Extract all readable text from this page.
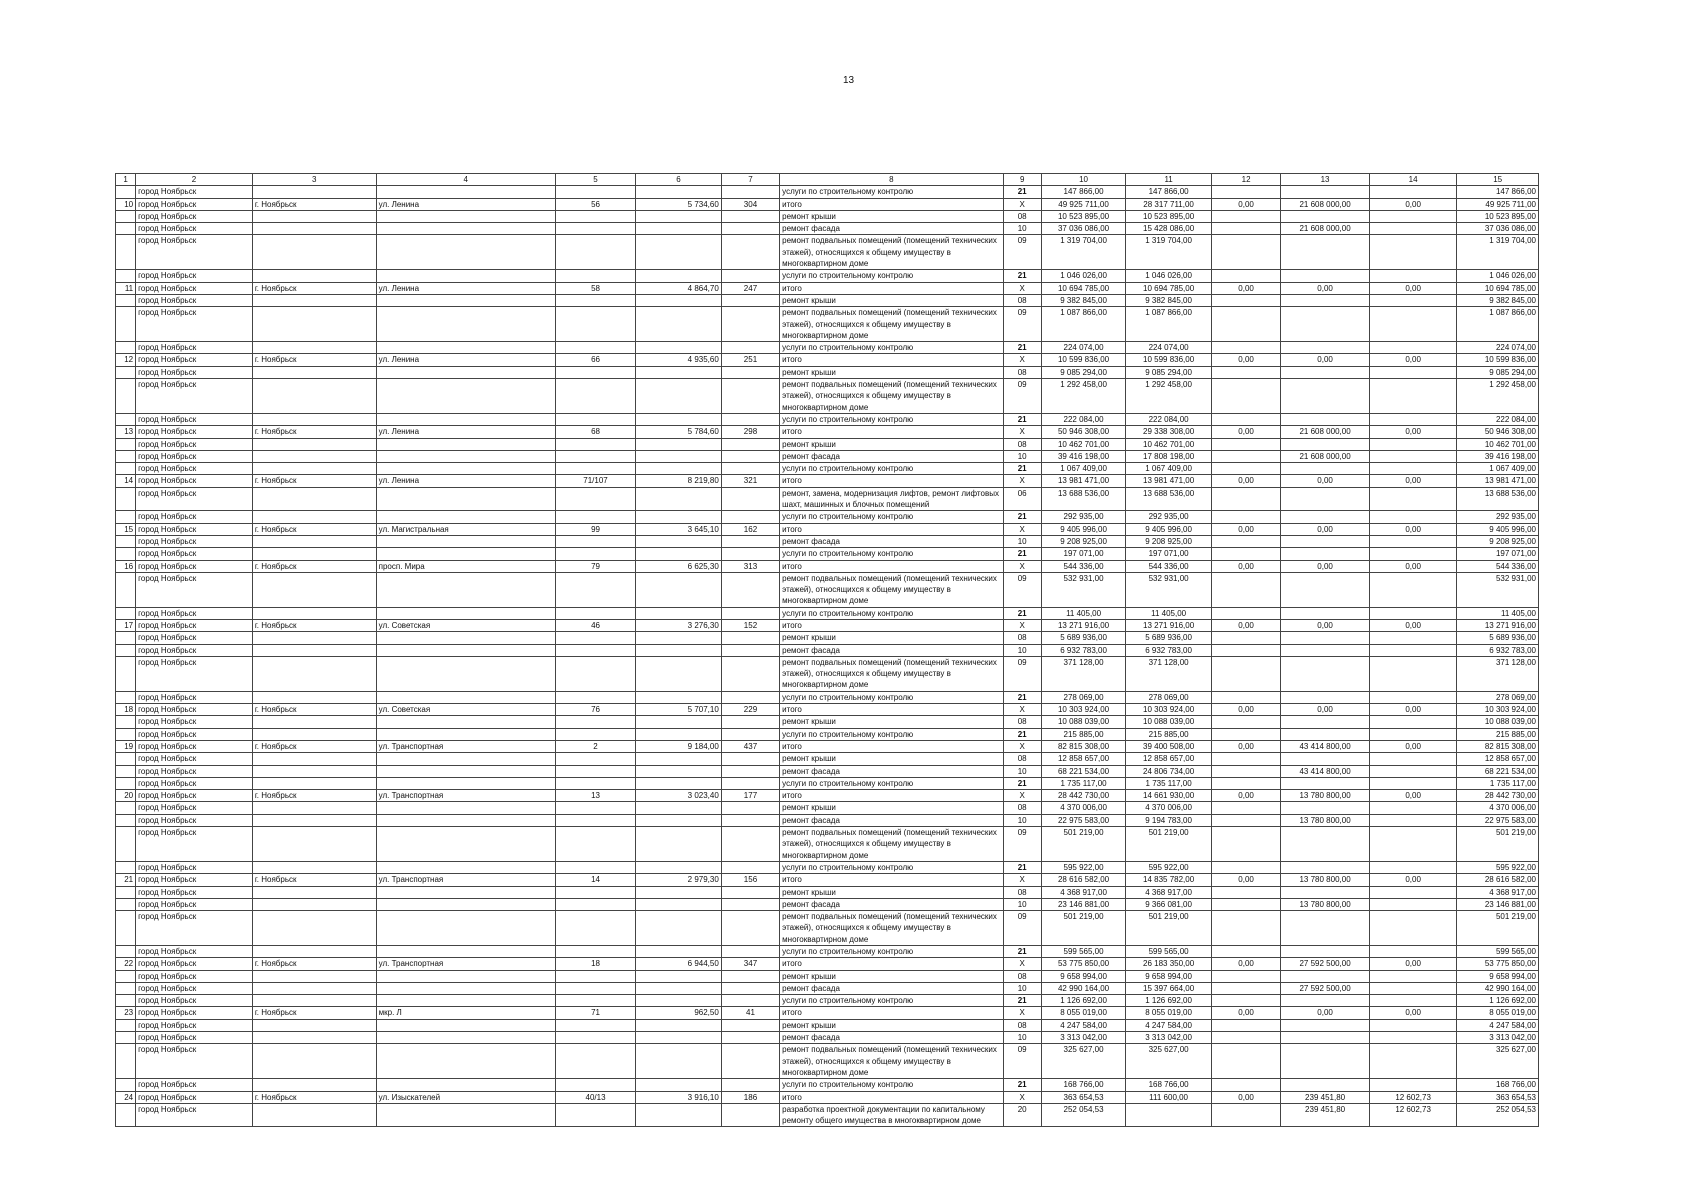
13
1	2	3	4	5	6	7	8	9	10	11	12	13	14	15
	город Ноябрьск						услуги по строительному контролю	21	147 866,00	147 866,00				147 866,00
10	город Ноябрьск	г. Ноябрьск	ул. Ленина	56	5 734,60	304	итого	X	49 925 711,00	28 317 711,00	0,00	21 608 000,00	0,00	49 925 711,00
	город Ноябрьск						ремонт крыши	08	10 523 895,00	10 523 895,00				10 523 895,00
	город Ноябрьск						ремонт фасада	10	37 036 086,00	15 428 086,00		21 608 000,00		37 036 086,00
	город Ноябрьск						ремонт подвальных помещений (помещений технических этажей), относящихся к общему имуществу в многоквартирном доме	09	1 319 704,00	1 319 704,00				1 319 704,00
	город Ноябрьск						услуги по строительному контролю	21	1 046 026,00	1 046 026,00				1 046 026,00
11	город Ноябрьск	г. Ноябрьск	ул. Ленина	58	4 864,70	247	итого	X	10 694 785,00	10 694 785,00	0,00	0,00	0,00	10 694 785,00
	город Ноябрьск						ремонт крыши	08	9 382 845,00	9 382 845,00				9 382 845,00
	город Ноябрьск						ремонт подвальных помещений (помещений технических этажей), относящихся к общему имуществу в многоквартирном доме	09	1 087 866,00	1 087 866,00				1 087 866,00
	город Ноябрьск						услуги по строительному контролю	21	224 074,00	224 074,00				224 074,00
12	город Ноябрьск	г. Ноябрьск	ул. Ленина	66	4 935,60	251	итого	X	10 599 836,00	10 599 836,00	0,00	0,00	0,00	10 599 836,00
	город Ноябрьск						ремонт крыши	08	9 085 294,00	9 085 294,00				9 085 294,00
	город Ноябрьск						ремонт подвальных помещений (помещений технических этажей), относящихся к общему имуществу в многоквартирном доме	09	1 292 458,00	1 292 458,00				1 292 458,00
	город Ноябрьск						услуги по строительному контролю	21	222 084,00	222 084,00				222 084,00
13	город Ноябрьск	г. Ноябрьск	ул. Ленина	68	5 784,60	298	итого	X	50 946 308,00	29 338 308,00	0,00	21 608 000,00	0,00	50 946 308,00
	город Ноябрьск						ремонт крыши	08	10 462 701,00	10 462 701,00				10 462 701,00
	город Ноябрьск						ремонт фасада	10	39 416 198,00	17 808 198,00		21 608 000,00		39 416 198,00
	город Ноябрьск						услуги по строительному контролю	21	1 067 409,00	1 067 409,00				1 067 409,00
14	город Ноябрьск	г. Ноябрьск	ул. Ленина	71/107	8 219,80	321	итого	X	13 981 471,00	13 981 471,00	0,00	0,00	0,00	13 981 471,00
	город Ноябрьск						ремонт, замена, модернизация лифтов, ремонт лифтовых шахт, машинных и блочных помещений	06	13 688 536,00	13 688 536,00				13 688 536,00
	город Ноябрьск						услуги по строительному контролю	21	292 935,00	292 935,00				292 935,00
15	город Ноябрьск	г. Ноябрьск	ул. Магистральная	99	3 645,10	162	итого	X	9 405 996,00	9 405 996,00	0,00	0,00	0,00	9 405 996,00
	город Ноябрьск						ремонт фасада	10	9 208 925,00	9 208 925,00				9 208 925,00
	город Ноябрьск						услуги по строительному контролю	21	197 071,00	197 071,00				197 071,00
16	город Ноябрьск	г. Ноябрьск	просп. Мира	79	6 625,30	313	итого	X	544 336,00	544 336,00	0,00	0,00	0,00	544 336,00
	город Ноябрьск						ремонт подвальных помещений (помещений технических этажей), относящихся к общему имуществу в многоквартирном доме	09	532 931,00	532 931,00				532 931,00
	город Ноябрьск						услуги по строительному контролю	21	11 405,00	11 405,00				11 405,00
17	город Ноябрьск	г. Ноябрьск	ул. Советская	46	3 276,30	152	итого	X	13 271 916,00	13 271 916,00	0,00	0,00	0,00	13 271 916,00
	город Ноябрьск						ремонт крыши	08	5 689 936,00	5 689 936,00				5 689 936,00
	город Ноябрьск						ремонт фасада	10	6 932 783,00	6 932 783,00				6 932 783,00
	город Ноябрьск						ремонт подвальных помещений (помещений технических этажей), относящихся к общему имуществу в многоквартирном доме	09	371 128,00	371 128,00				371 128,00
	город Ноябрьск						услуги по строительному контролю	21	278 069,00	278 069,00				278 069,00
18	город Ноябрьск	г. Ноябрьск	ул. Советская	76	5 707,10	229	итого	X	10 303 924,00	10 303 924,00	0,00	0,00	0,00	10 303 924,00
	город Ноябрьск						ремонт крыши	08	10 088 039,00	10 088 039,00				10 088 039,00
	город Ноябрьск						услуги по строительному контролю	21	215 885,00	215 885,00				215 885,00
19	город Ноябрьск	г. Ноябрьск	ул. Транспортная	2	9 184,00	437	итого	X	82 815 308,00	39 400 508,00	0,00	43 414 800,00	0,00	82 815 308,00
	город Ноябрьск						ремонт крыши	08	12 858 657,00	12 858 657,00				12 858 657,00
	город Ноябрьск						ремонт фасада	10	68 221 534,00	24 806 734,00		43 414 800,00		68 221 534,00
	город Ноябрьск						услуги по строительному контролю	21	1 735 117,00	1 735 117,00				1 735 117,00
20	город Ноябрьск	г. Ноябрьск	ул. Транспортная	13	3 023,40	177	итого	X	28 442 730,00	14 661 930,00	0,00	13 780 800,00	0,00	28 442 730,00
	город Ноябрьск						ремонт крыши	08	4 370 006,00	4 370 006,00				4 370 006,00
	город Ноябрьск						ремонт фасада	10	22 975 583,00	9 194 783,00		13 780 800,00		22 975 583,00
	город Ноябрьск						ремонт подвальных помещений (помещений технических этажей), относящихся к общему имуществу в многоквартирном доме	09	501 219,00	501 219,00				501 219,00
	город Ноябрьск						услуги по строительному контролю	21	595 922,00	595 922,00				595 922,00
21	город Ноябрьск	г. Ноябрьск	ул. Транспортная	14	2 979,30	156	итого	X	28 616 582,00	14 835 782,00	0,00	13 780 800,00	0,00	28 616 582,00
	город Ноябрьск						ремонт крыши	08	4 368 917,00	4 368 917,00				4 368 917,00
	город Ноябрьск						ремонт фасада	10	23 146 881,00	9 366 081,00		13 780 800,00		23 146 881,00
	город Ноябрьск						ремонт подвальных помещений (помещений технических этажей), относящихся к общему имуществу в многоквартирном доме	09	501 219,00	501 219,00				501 219,00
	город Ноябрьск						услуги по строительному контролю	21	599 565,00	599 565,00				599 565,00
22	город Ноябрьск	г. Ноябрьск	ул. Транспортная	18	6 944,50	347	итого	X	53 775 850,00	26 183 350,00	0,00	27 592 500,00	0,00	53 775 850,00
	город Ноябрьск						ремонт крыши	08	9 658 994,00	9 658 994,00				9 658 994,00
	город Ноябрьск						ремонт фасада	10	42 990 164,00	15 397 664,00		27 592 500,00		42 990 164,00
	город Ноябрьск						услуги по строительному контролю	21	1 126 692,00	1 126 692,00				1 126 692,00
23	город Ноябрьск	г. Ноябрьск	мкр. Л	71	962,50	41	итого	X	8 055 019,00	8 055 019,00	0,00	0,00	0,00	8 055 019,00
	город Ноябрьск						ремонт крыши	08	4 247 584,00	4 247 584,00				4 247 584,00
	город Ноябрьск						ремонт фасада	10	3 313 042,00	3 313 042,00				3 313 042,00
	город Ноябрьск						ремонт подвальных помещений (помещений технических этажей), относящихся к общему имуществу в многоквартирном доме	09	325 627,00	325 627,00				325 627,00
	город Ноябрьск						услуги по строительному контролю	21	168 766,00	168 766,00				168 766,00
24	город Ноябрьск	г. Ноябрьск	ул. Изыскателей	40/13	3 916,10	186	итого	X	363 654,53	111 600,00	0,00	239 451,80	12 602,73	363 654,53
	город Ноябрьск						разработка проектной документации по капитальному ремонту общего имущества в многоквартирном доме	20	252 054,53			239 451,80	12 602,73	252 054,53
